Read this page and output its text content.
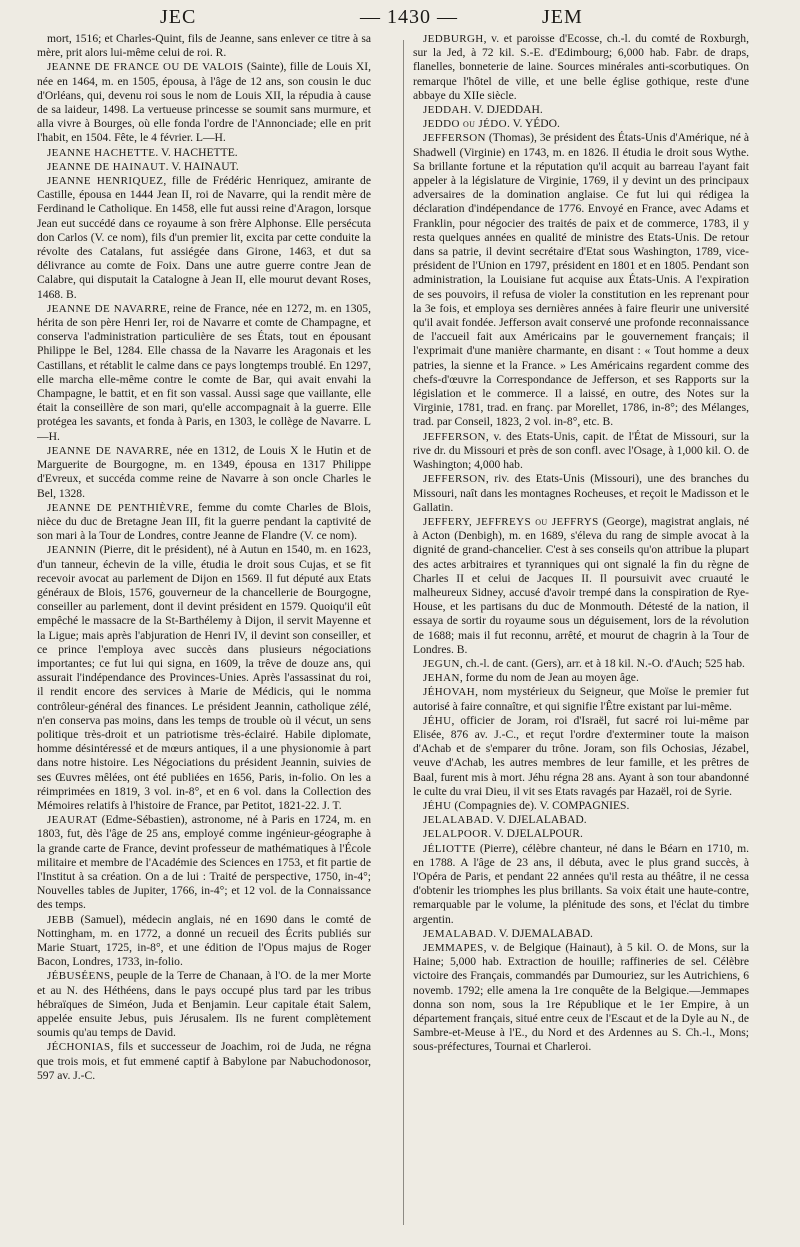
JEC	— 1430 —	JEM

mort, 1516; et Charles-Quint, fils de Jeanne, sans enlever ce titre à sa mère, prit alors lui-même celui de roi. R.

JEANNE DE FRANCE OU DE VALOIS (Sainte), fille de Louis XI, née en 1464, m. en 1505, épousa, à l'âge de 12 ans, son cousin le duc d'Orléans, qui, devenu roi sous le nom de Louis XII, la répudia à cause de sa laideur, 1498. La vertueuse princesse se soumit sans murmure, et alla vivre à Bourges, où elle fonda l'ordre de l'Annonciade; elle en prit l'habit, en 1504. Fête, le 4 février. L—H.

JEANNE HACHETTE. V. HACHETTE.

JEANNE DE HAINAUT. V. HAINAUT.

JEANNE HENRIQUEZ, fille de Frédéric Henriquez, amirante de Castille, épousa en 1444 Jean II, roi de Navarre, qui la rendit mère de Ferdinand le Catholique. En 1458, elle fut aussi reine d'Aragon, lorsque Jean eut succédé dans ce royaume à son frère Alphonse. Elle persécuta don Carlos (V. ce nom), fils d'un premier lit, excita par cette conduite la révolte des Catalans, fut assiégée dans Girone, 1463, et dut sa délivrance au comte de Foix. Dans une autre guerre contre Jean de Calabre, qui disputait la Catalogne à Jean II, elle mourut devant Roses, 1468. B.

JEANNE DE NAVARRE, reine de France, née en 1272, m. en 1305, hérita de son père Henri Ier, roi de Navarre et comte de Champagne, et conserva l'administration particulière de ses États, tout en épousant Philippe le Bel, 1284. Elle chassa de la Navarre les Aragonais et les Castillans, et rétablit le calme dans ce pays longtemps troublé. En 1297, elle marcha elle-même contre le comte de Bar, qui avait envahi la Champagne, le battit, et en fit son vassal. Aussi sage que vaillante, elle était la conseillère de son mari, qu'elle accompagnait à la guerre. Elle protégea les savants, et fonda à Paris, en 1303, le collège de Navarre. L—H.

JEANNE DE NAVARRE, née en 1312, de Louis X le Hutin et de Marguerite de Bourgogne, m. en 1349, épousa en 1317 Philippe d'Evreux, et succéda comme reine de Navarre à son oncle Charles le Bel, 1328.

JEANNE DE PENTHIÈVRE, femme du comte Charles de Blois, nièce du duc de Bretagne Jean III, fit la guerre pendant la captivité de son mari à la Tour de Londres, contre Jeanne de Flandre (V. ce nom).

JEANNIN (Pierre, dit le président), né à Autun en 1540, m. en 1623, d'un tanneur, échevin de la ville, étudia le droit sous Cujas, et se fit recevoir avocat au parlement de Dijon en 1569. Il fut député aux Etats généraux de Blois, 1576, gouverneur de la chancellerie de Bourgogne, conseiller au parlement, dont il devint président en 1579. Quoiqu'il eût empêché le massacre de la St-Barthélemy à Dijon, il servit Mayenne et la Ligue; mais après l'abjuration de Henri IV, il devint son conseiller, et ce prince l'employa avec succès dans plusieurs négociations importantes; ce fut lui qui signa, en 1609, la trêve de douze ans, qui assurait l'indépendance des Provinces-Unies. Après l'assassinat du roi, il rendit encore des services à Marie de Médicis, qui le nomma contrôleur-général des finances. Le président Jeannin, catholique zélé, n'en conserva pas moins, dans les temps de trouble où il vécut, un sens politique très-droit et un patriotisme très-éclairé. Habile diplomate, homme désintéressé et de mœurs antiques, il a une physionomie à part dans notre histoire. Les Négociations du président Jeannin, suivies de ses Œuvres mêlées, ont été publiées en 1656, Paris, in-folio. On les a réimprimées en 1819, 3 vol. in-8°, et en 6 vol. dans la Collection des Mémoires relatifs à l'histoire de France, par Petitot, 1821-22. J. T.

JEAURAT (Edme-Sébastien), astronome, né à Paris en 1724, m. en 1803, fut, dès l'âge de 25 ans, employé comme ingénieur-géographe à la grande carte de France, devint professeur de mathématiques à l'École militaire et membre de l'Académie des Sciences en 1753, et fit partie de l'Institut à sa création. On a de lui : Traité de perspective, 1750, in-4°; Nouvelles tables de Jupiter, 1766, in-4°; et 12 vol. de la Connaissance des temps.

JEBB (Samuel), médecin anglais, né en 1690 dans le comté de Nottingham, m. en 1772, a donné un recueil des Écrits publiés sur Marie Stuart, 1725, in-8°, et une édition de l'Opus majus de Roger Bacon, Londres, 1733, in-folio.

JÉBUSÉENS, peuple de la Terre de Chanaan, à l'O. de la mer Morte et au N. des Héthéens, dans le pays occupé plus tard par les tribus hébraïques de Siméon, Juda et Benjamin. Leur capitale était Salem, appelée ensuite Jebus, puis Jérusalem. Ils ne furent complètement soumis qu'au temps de David.

JÉCHONIAS, fils et successeur de Joachim, roi de Juda, ne régna que trois mois, et fut emmené captif à Babylone par Nabuchodonosor, 597 av. J.-C.

JEDBURGH, v. et paroisse d'Ecosse, ch.-l. du comté de Roxburgh, sur la Jed, à 72 kil. S.-E. d'Edimbourg; 6,000 hab. Fabr. de draps, flanelles, bonneterie de laine. Sources minérales anti-scorbutiques. On remarque l'hôtel de ville, et une belle église gothique, reste d'une abbaye du XIIe siècle.

JEDDAH. V. DJEDDAH.

JEDDO ou JÉDO. V. YÉDO.

JEFFERSON (Thomas), 3e président des États-Unis d'Amérique, né à Shadwell (Virginie) en 1743, m. en 1826. Il étudia le droit sous Wythe. Sa brillante fortune et la réputation qu'il acquit au barreau l'ayant fait appeler à la législature de Virginie, 1769, il y devint un des principaux adversaires de la domination anglaise. Ce fut lui qui rédigea la déclaration d'indépendance de 1776. Envoyé en France, avec Adams et Franklin, pour négocier des traités de paix et de commerce, 1783, il y resta quelques années en qualité de ministre des Etats-Unis. De retour dans sa patrie, il devint secrétaire d'Etat sous Washington, 1789, vice-président de l'Union en 1797, président en 1801 et en 1805. Pendant son administration, la Louisiane fut acquise aux États-Unis. A l'expiration de ses pouvoirs, il refusa de violer la constitution en les reprenant pour la 3e fois, et employa ses dernières années à faire fleurir une université qu'il avait fondée. Jefferson avait conservé une profonde reconnaissance de l'accueil fait aux Américains par le gouvernement français; il l'exprimait d'une manière charmante, en disant : « Tout homme a deux patries, la sienne et la France. » Les Américains regardent comme des chefs-d'œuvre la Correspondance de Jefferson, et ses Rapports sur la législation et le commerce. Il a laissé, en outre, des Notes sur la Virginie, 1781, trad. en franç. par Morellet, 1786, in-8°; des Mélanges, trad. par Conseil, 1823, 2 vol. in-8°, etc. B.

JEFFERSON, v. des Etats-Unis, capit. de l'État de Missouri, sur la rive dr. du Missouri et près de son confl. avec l'Osage, à 1,000 kil. O. de Washington; 4,000 hab.

JEFFERSON, riv. des Etats-Unis (Missouri), une des branches du Missouri, naît dans les montagnes Rocheuses, et reçoit le Madisson et le Gallatin.

JEFFERY, JEFFREYS ou JEFFRYS (George), magistrat anglais, né à Acton (Denbigh), m. en 1689, s'éleva du rang de simple avocat à la dignité de grand-chancelier. C'est à ses conseils qu'on attribue la plupart des actes arbitraires et tyranniques qui ont signalé la fin du règne de Charles II et celui de Jacques II. Il poursuivit avec cruauté le malheureux Sidney, accusé d'avoir trempé dans la conspiration de Rye-House, et les partisans du duc de Monmouth. Détesté de la nation, il essaya de sortir du royaume sous un déguisement, lors de la révolution de 1688; mais il fut reconnu, arrêté, et mourut de chagrin à la Tour de Londres. B.

JEGUN, ch.-l. de cant. (Gers), arr. et à 18 kil. N.-O. d'Auch; 525 hab.

JEHAN, forme du nom de Jean au moyen âge.

JÉHOVAH, nom mystérieux du Seigneur, que Moïse le premier fut autorisé à faire connaître, et qui signifie l'Être existant par lui-même.

JÉHU, officier de Joram, roi d'Israël, fut sacré roi lui-même par Elisée, 876 av. J.-C., et reçut l'ordre d'exterminer toute la maison d'Achab et de s'emparer du trône. Joram, son fils Ochosias, Jézabel, veuve d'Achab, les autres membres de leur famille, et les prêtres de Baal, furent mis à mort. Jéhu régna 28 ans. Ayant à son tour abandonné le culte du vrai Dieu, il vit ses Etats ravagés par Hazaël, roi de Syrie.

JÉHU (Compagnies de). V. COMPAGNIES.

JELALABAD. V. DJELALABAD.

JELALPOOR. V. DJELALPOUR.

JÉLIOTTE (Pierre), célèbre chanteur, né dans le Béarn en 1710, m. en 1788. A l'âge de 23 ans, il débuta, avec le plus grand succès, à l'Opéra de Paris, et pendant 22 années qu'il resta au théâtre, il ne cessa d'obtenir les triomphes les plus brillants. Sa voix était une haute-contre, remarquable par le volume, la plénitude des sons, et l'éclat du timbre argentin.

JEMALABAD. V. DJEMALABAD.

JEMMAPES, v. de Belgique (Hainaut), à 5 kil. O. de Mons, sur la Haine; 5,000 hab. Extraction de houille; raffineries de sel. Célèbre victoire des Français, commandés par Dumouriez, sur les Autrichiens, 6 novemb. 1792; elle amena la 1re conquête de la Belgique.—Jemmapes donna son nom, sous la 1re République et le 1er Empire, à un département français, situé entre ceux de l'Escaut et de la Dyle au N., de Sambre-et-Meuse à l'E., du Nord et des Ardennes au S. Ch.-l., Mons; sous-préfectures, Tournai et Charleroi.
